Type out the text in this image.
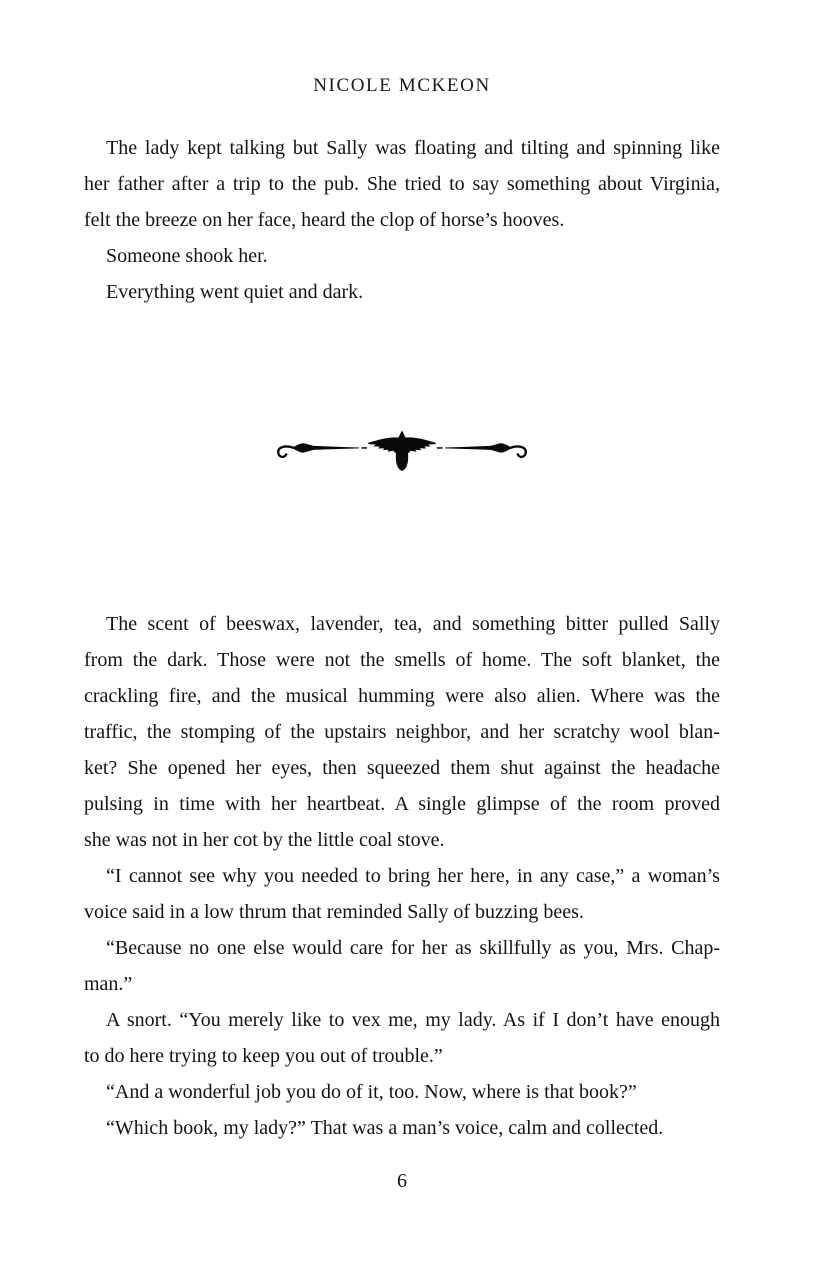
NICOLE MCKEON
The lady kept talking but Sally was floating and tilting and spinning like
her father after a trip to the pub. She tried to say something about Virginia,
felt the breeze on her face, heard the clop of horse’s hooves.
Someone shook her.
Everything went quiet and dark.
The scent of beeswax, lavender, tea, and something bitter pulled Sally
from the dark. Those were not the smells of home. The soft blanket, the
crackling fire, and the musical humming were also alien. Where was the
traffic, the stomping of the upstairs neighbor, and her scratchy wool blan-
ket? She opened her eyes, then squeezed them shut against the headache
pulsing in time with her heartbeat. A single glimpse of the room proved
she was not in her cot by the little coal stove.
“I cannot see why you needed to bring her here, in any case,” a woman’s
voice said in a low thrum that reminded Sally of buzzing bees.
“Because no one else would care for her as skillfully as you, Mrs. Chap-
man.”
A snort. “You merely like to vex me, my lady. As if I don’t have enough
to do here trying to keep you out of trouble.”
“And a wonderful job you do of it, too. Now, where is that book?”
“Which book, my lady?” That was a man’s voice, calm and collected.
6
